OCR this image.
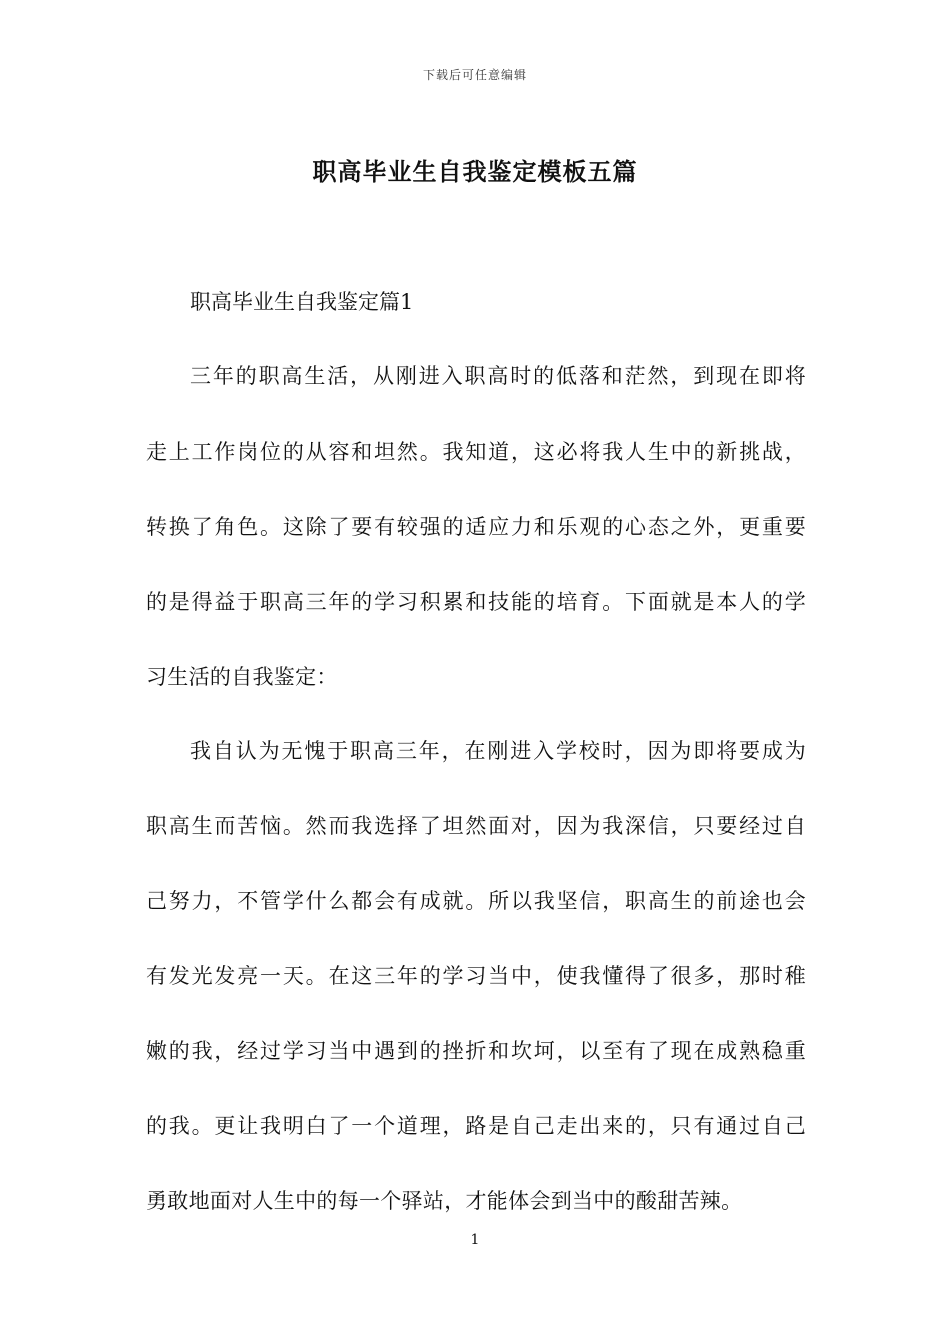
下载后可任意编辑
职高毕业生自我鉴定模板五篇
职高毕业生自我鉴定篇1
三年的职高生活，从刚进入职高时的低落和茫然，到现在即将
走上工作岗位的从容和坦然。我知道，这必将我人生中的新挑战，
转换了角色。这除了要有较强的适应力和乐观的心态之外，更重要
的是得益于职高三年的学习积累和技能的培育。下面就是本人的学
习生活的自我鉴定：
我自认为无愧于职高三年，在刚进入学校时，因为即将要成为
职高生而苦恼。然而我选择了坦然面对，因为我深信，只要经过自
己努力，不管学什么都会有成就。所以我坚信，职高生的前途也会
有发光发亮一天。在这三年的学习当中，使我懂得了很多，那时稚
嫩的我，经过学习当中遇到的挫折和坎坷，以至有了现在成熟稳重
的我。更让我明白了一个道理，路是自己走出来的，只有通过自己
勇敢地面对人生中的每一个驿站，才能体会到当中的酸甜苦辣。
1
